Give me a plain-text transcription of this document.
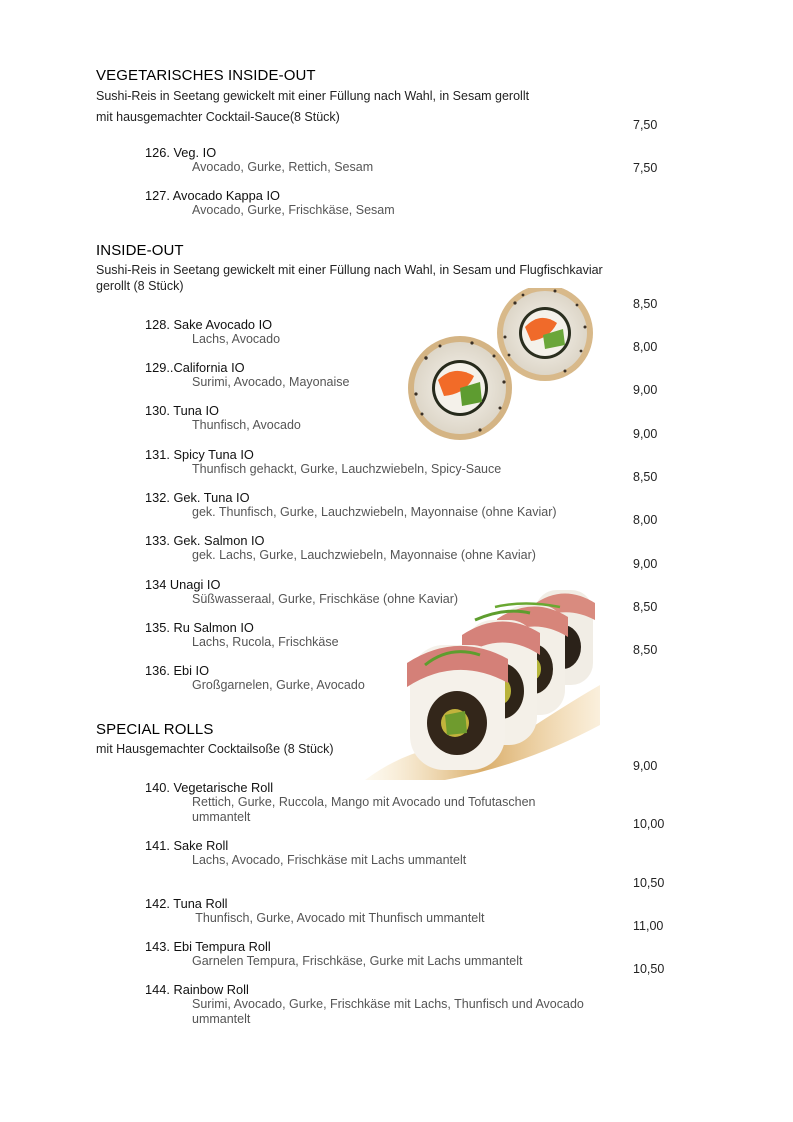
VEGETARISCHES INSIDE-OUT
Sushi-Reis in Seetang gewickelt mit einer Füllung nach Wahl, in Sesam gerollt
mit hausgemachter Cocktail-Sauce(8 Stück)
7,50
126. Veg. IO
Avocado, Gurke, Rettich, Sesam	7,50
127. Avocado Kappa IO
Avocado, Gurke, Frischkäse, Sesam
INSIDE-OUT
Sushi-Reis in Seetang gewickelt mit einer Füllung nach Wahl, in Sesam und Flugfischkaviar
gerollt (8 Stück)
8,50
128. Sake Avocado IO
Lachs, Avocado
8,00
129..California IO
Surimi, Avocado, Mayonaise
9,00
130. Tuna IO
Thunfisch, Avocado
9,00
131. Spicy Tuna IO
Thunfisch gehackt, Gurke, Lauchzwiebeln, Spicy-Sauce
8,50
132. Gek. Tuna IO
gek. Thunfisch, Gurke, Lauchzwiebeln, Mayonnaise (ohne Kaviar)
8,00
133. Gek. Salmon IO
gek. Lachs, Gurke, Lauchzwiebeln, Mayonnaise (ohne Kaviar)
9,00
134 Unagi IO
Süßwasseraal, Gurke, Frischkäse (ohne Kaviar)
8,50
135. Ru Salmon IO
Lachs, Rucola, Frischkäse
8,50
136. Ebi IO
Großgarnelen, Gurke, Avocado
SPECIAL ROLLS
mit Hausgemachter Cocktailsoße (8 Stück)
9,00
140. Vegetarische Roll
Rettich, Gurke, Ruccola, Mango mit Avocado und Tofutaschen
ummantelt	10,00
141. Sake Roll
Lachs, Avocado, Frischkäse mit Lachs ummantelt
10,50
142. Tuna Roll
Thunfisch, Gurke, Avocado mit Thunfisch ummantelt
11,00
143. Ebi Tempura Roll
Garnelen Tempura, Frischkäse, Gurke mit Lachs ummantelt
10,50
144. Rainbow Roll
Surimi, Avocado, Gurke, Frischkäse mit Lachs, Thunfisch und Avocado
ummantelt
